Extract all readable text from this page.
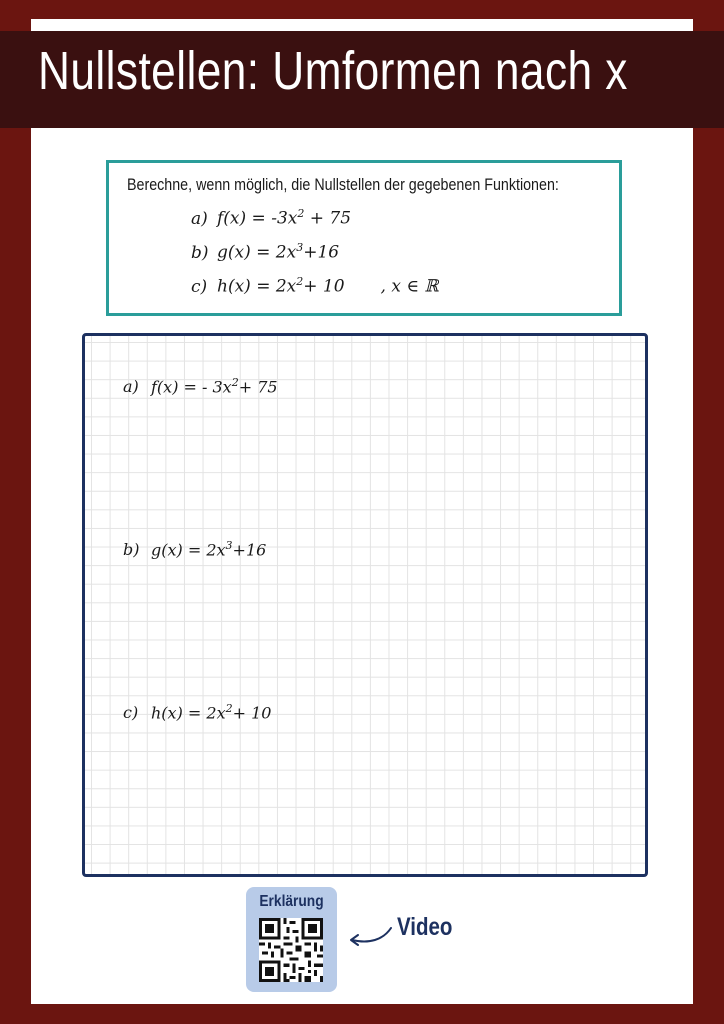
Nullstellen: Umformen nach x
Berechne, wenn möglich, die Nullstellen der gegebenen Funktionen:
a) $f(x) = -3x^2 + 75$
b) $g(x) = 2x^3+16$
c) $h(x) = 2x^2+ 10$ , x ∈ ℝ
a) f(x) = - $3x^2+ 75$
b) $g(x) = 2x^3+16$
c) $h(x) = 2x^2+ 10$
Erklärung
Video
